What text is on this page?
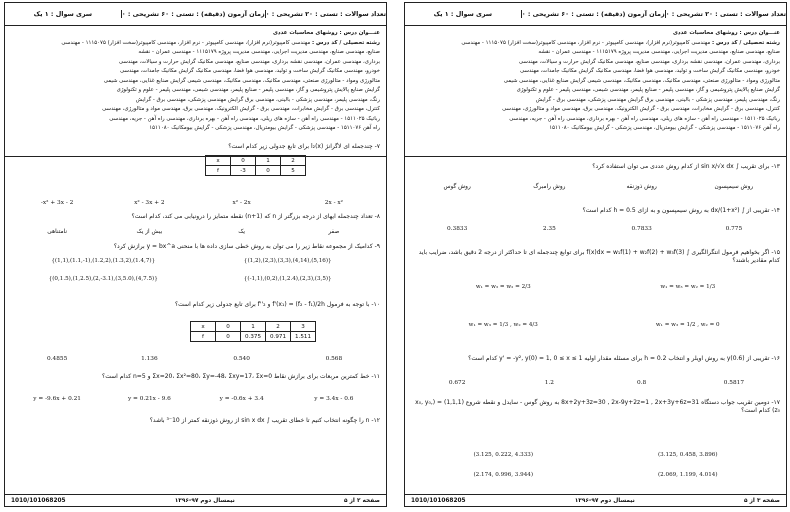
تعداد سوالات : تستی : ۲۰ تشریحی : ۰
زمان آزمون (دقیقه) : تستی : ۶۰ تشریحی : ۰
سری سوال : ۱ یک
عنـــوان درس : روشهای محاسبات عددی
رشته تحصیلی / کد درس : مهندسی کامپیوتر(نرم افزار)، مهندسی کامپیوتر - نرم افزار، مهندسی کامپیوتر(سخت افزار) ۱۱۱۵۰۷۵ - مهندسی
صنایع، مهندسی صنایع، مهندسی مدیریت اجرایی، مهندسی مدیریت پروژه ۱۱۱۵۱۷۹ - مهندسی عمران - نقشه
برداری، مهندسی عمران، مهندسی نقشه برداری، مهندسی صنایع، مهندسی مکانیک گرایش حرارت و سیالات، مهندسی
خودرو، مهندسی مکانیک گرایش ساخت و تولید، مهندسی هوا فضا، مهندسی مکانیک گرایش مکانیک جامدات، مهندسی
متالورژی ومواد - متالورژی صنعتی، مهندسی مکانیک، مهندسی مکانیک، مهندسی شیمی گرایش صنایع غذایی، مهندسی شیمی
گرایش صنایع پالایش پتروشیمی و گاز، مهندسی پلیمر - صنایع پلیمر، مهندسی شیمی، مهندسی پلیمر - علوم و تکنولوژی
رنگ، مهندسی پلیمر، مهندسی پزشکی - بالینی، مهندسی برق گرایش مهندسی پزشکی، مهندسی برق - گرایش
کنترل، مهندسی برق - گرایش مخابرات، مهندسی برق - گرایش الکترونیک، مهندسی برق، مهندسی مواد و متالورژی، مهندسی
رباتیک ۱۵۱۱۰۲۵ - مهندسی راه آهن - سازه های ریلی، مهندسی راه آهن - بهره برداری، مهندسی راه آهن - جریه، مهندسی
راه آهن ۱۵۱۱۰۷۶ - مهندسی پزشکی - گرایش بیومتریال، مهندسی پزشکی - گرایش بیومکانیک ۱۵۱۱۰۸۰
۷- چندجمله ای لاگرانژ l₂(x) برای تابع جدولی زیر کدام است؟
x	0	1	2
f	-3	0	5
-x² + 3x - 2	x² - 3x + 2	x² - 2x	2x - x²
۸- تعداد چندجمله ایهای از درجه بزرگتر از n که (n+1) نقطه متمایز را درونیابی می کند، کدام است؟
نامتناهی	بیش از یک	یک	صفر
۹- کدامیک از مجموعه نقاط زیر را می توان به روش خطی سازی داده ها با منحنی y = bx^a برازش کرد؟
{(1,1),(1.1,-1),(1.2,2),(1.3,2),(1.4,7)}	{(1,2),(2,3),(3,3),(4,14),(5,16)}
{(0,1.5),(1,2.5),(2,-3.1),(3,5.0),(4,7.5)}	{(-1,1),(0,2),(1,2.4),(2,3),(3,5)}
۱۰- با توجه به فرمول f'(x₁) = (f₂ - f₁)/2h و f''₂ برای تابع جدولی زیر کدام است؟
x	0	1	2	3
f	0	0.375	0.971	1.511
0.4855	1.136	0.540	0.568
۱۱- خط کمترین مربعات برای برازش نقاط Σx=20، Σx²=80، Σy=-48، Σxy=17، Σx=0 و n=5 کدام است؟
y = -9.6x + 0.21	y = 0.21x - 9.6	y = -0.6x + 3.4	y = 3.4x - 0.6
۱۲- n را چگونه انتخاب کنیم تا خطای تقریب ∫ sin x dx از روش ذوزنقه کمتر از 10⁻³ باشد؟
1010/101068205	نیمسال دوم ۹۷-۱۳۹۶	صفحه ۲ از ۵
تعداد سوالات : تستی : ۲۰ تشریحی : ۰
زمان آزمون (دقیقه) : تستی : ۶۰ تشریحی : ۰
سری سوال : ۱ یک
عنـــوان درس : روشهای محاسبات عددی
رشته تحصیلی / کد درس : مهندسی کامپیوتر(نرم افزار)، مهندسی کامپیوتر - نرم افزار، مهندسی کامپیوتر(سخت افزار) ۱۱۱۵۰۷۵ - مهندسی
صنایع، مهندسی صنایع، مهندسی مدیریت اجرایی، مهندسی مدیریت پروژه ۱۱۱۵۱۷۹ - مهندسی عمران - نقشه
برداری، مهندسی عمران، مهندسی نقشه برداری، مهندسی صنایع، مهندسی مکانیک گرایش حرارت و سیالات، مهندسی
خودرو، مهندسی مکانیک گرایش ساخت و تولید، مهندسی هوا فضا، مهندسی مکانیک گرایش مکانیک جامدات، مهندسی
متالورژی ومواد - متالورژی صنعتی، مهندسی مکانیک، مهندسی مکانیک، مهندسی شیمی گرایش صنایع غذایی، مهندسی شیمی
گرایش صنایع پالایش پتروشیمی و گاز، مهندسی پلیمر - صنایع پلیمر، مهندسی شیمی، مهندسی پلیمر - علوم و تکنولوژی
رنگ، مهندسی پلیمر، مهندسی پزشکی - بالینی، مهندسی برق گرایش مهندسی پزشکی، مهندسی برق - گرایش
کنترل، مهندسی برق - گرایش مخابرات، مهندسی برق - گرایش الکترونیک، مهندسی برق، مهندسی مواد و متالورژی، مهندسی
رباتیک ۱۵۱۱۰۲۵ - مهندسی راه آهن - سازه های ریلی، مهندسی راه آهن - بهره برداری، مهندسی راه آهن - جریه، مهندسی
راه آهن ۱۵۱۱۰۷۶ - مهندسی پزشکی - گرایش بیومتریال، مهندسی پزشکی - گرایش بیومکانیک ۱۵۱۱۰۸۰
۱۳- برای تقریب ∫ sin x/√x dx از کدام روش عددی می توان استفاده کرد؟
روش گوس	روش رامبرگ	روش ذوزنقه	روش سیمپسون
۱۴- تقریبی از ∫ dx/(1+x²) به روش سیمپسون و به ازای h = 0.5 کدام است؟
0.3833	2.35	0.7833	0.775
۱۵- اگر بخواهیم فرمول انتگرالگیری ∫ f(x)dx = w₁f(1) + w₂f(2) + w₃f(3) برای توابع چندجمله ای تا حداکثر از درجه 2 دقیق باشد، ضرایب باید کدام مقادیر باشند؟
w₁ = w₃ = w₂ = 2/3	w₁ = w₃ = w₂ = 1/3
w₁ = w₃ = 1/3 , w₂ = 4/3	w₁ = w₃ = 1/2 , w₂ = 0
۱۶- تقریبی از y(0.6) به روش اویلر و انتخاب h = 0.2 برای مسئله مقدار اولیه y' = -y², y(0) = 1, 0 ≤ x ≤ 1 کدام است؟
0.672	1.2	0.8	0.5817
۱۷- دومین تقریب جواب دستگاه 8x+2y+3z=30 , 2x-9y+2z=1 , 2x+3y+6z=31 به روش گوس - سایدل و نقطه شروع (1,1,1) = (x₀, y₀, z₀) کدام است؟
(3.125, 0.222, 4.333)	(3.125, 0.458, 3.896)
(2.174, 0.996, 3.944)	(2.069, 1.199, 4.014)
1010/101068205	نیمسال دوم ۹۷-۱۳۹۶	صفحه ۳ از ۵
